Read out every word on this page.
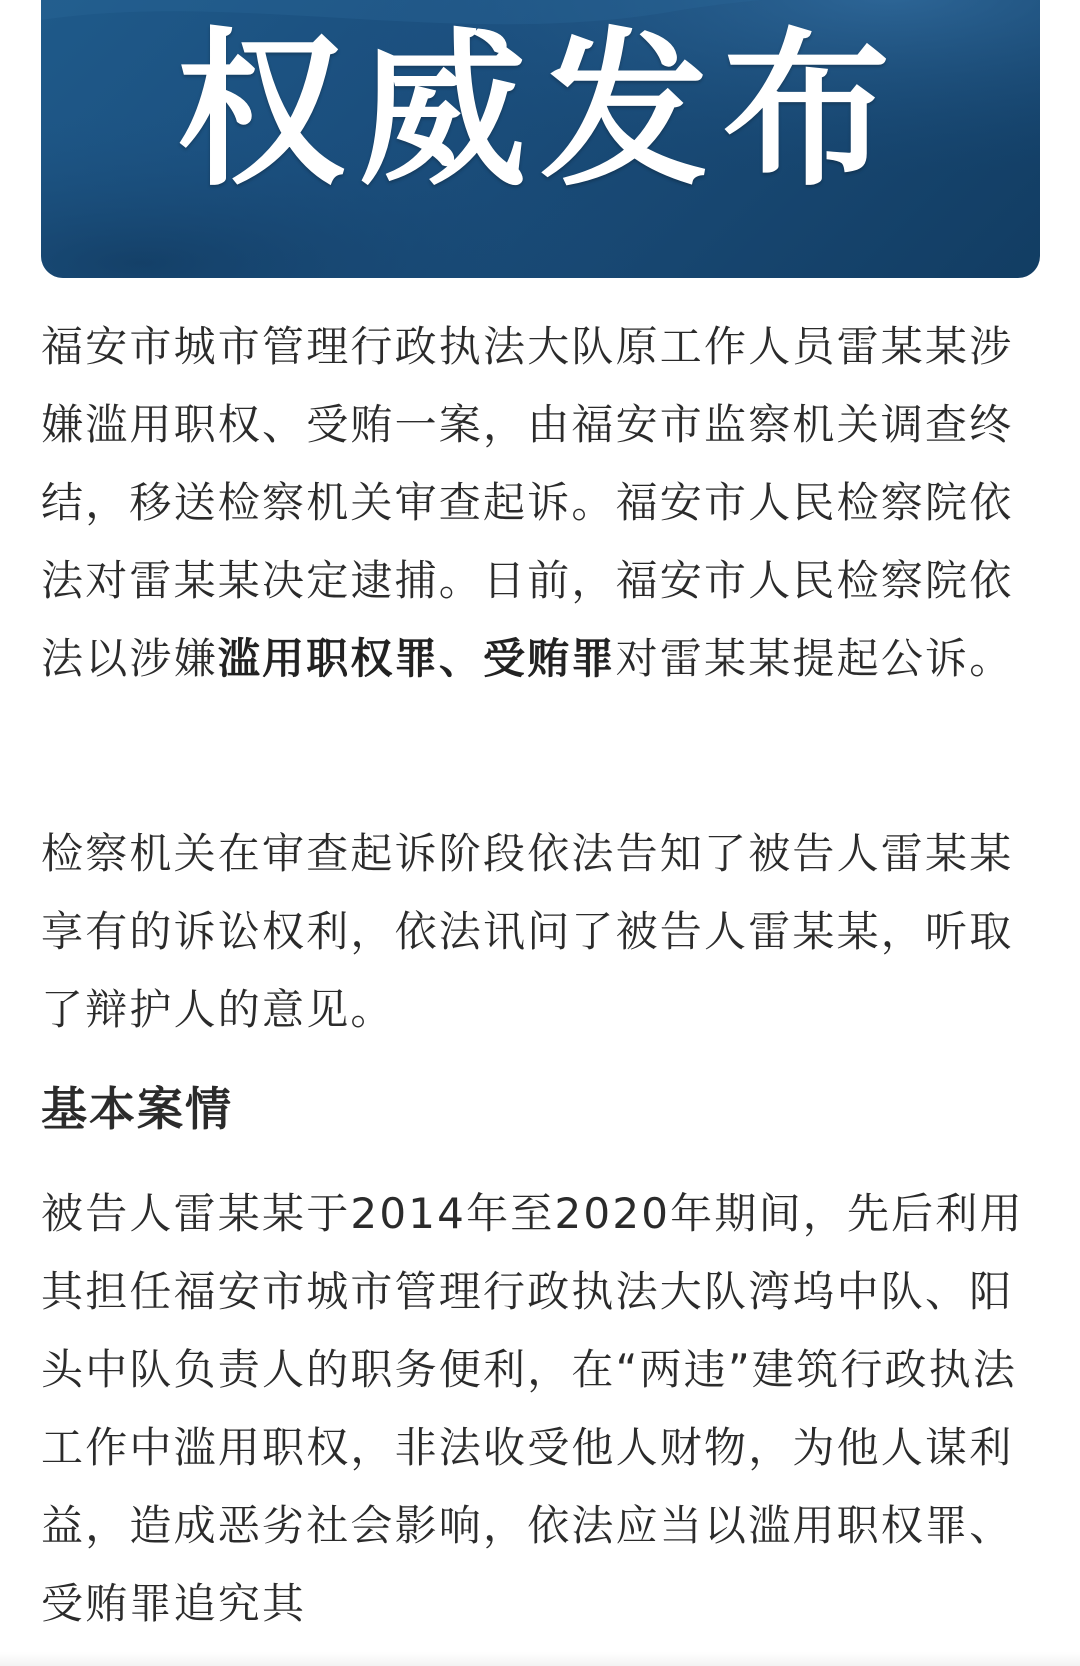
权威发布

福安市城市管理行政执法大队原工作人员雷某某涉嫌滥用职权、受贿一案，由福安市监察机关调查终结，移送检察机关审查起诉。福安市人民检察院依法对雷某某决定逮捕。日前，福安市人民检察院依法以涉嫌滥用职权罪、受贿罪对雷某某提起公诉。

检察机关在审查起诉阶段依法告知了被告人雷某某享有的诉讼权利，依法讯问了被告人雷某某，听取了辩护人的意见。

基本案情

被告人雷某某于2014年至2020年期间，先后利用其担任福安市城市管理行政执法大队湾坞中队、阳头中队负责人的职务便利，在“两违”建筑行政执法工作中滥用职权，非法收受他人财物，为他人谋利益，造成恶劣社会影响，依法应当以滥用职权罪、受贿罪追究其
